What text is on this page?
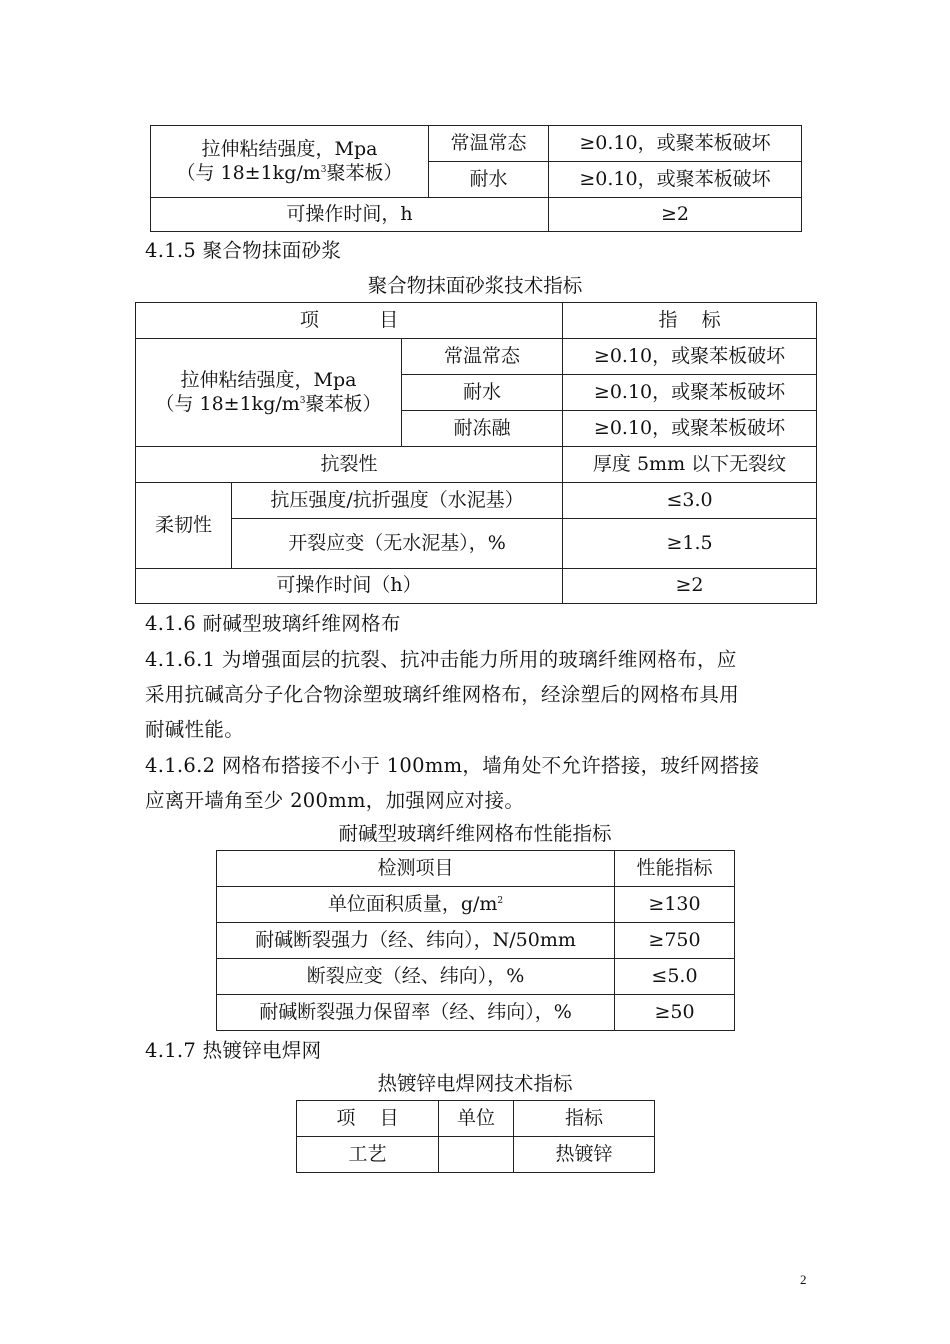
拉伸粘结强度，Mpa
（与 $18\pm 1kg/m^3$聚苯板）	常温常态	≥0.10，或聚苯板破坏
	耐水	≥0.10，或聚苯板破坏
可操作时间，h		≥2
4.1.5 聚合物抹面砂浆
聚合物抹面砂浆技术指标
项          目			指    标

拉伸粘结强度，Mpa
（与 $18\pm 1kg/m^3$聚苯板）		常温常态	≥0.10，或聚苯板破坏
		耐水	≥0.10，或聚苯板破坏
		耐冻融	≥0.10，或聚苯板破坏
抗裂性			厚度 5mm 以下无裂纹
柔韧性	抗压强度/抗折强度（水泥基）		≤3.0
	开裂应变（无水泥基），%		≥1.5
可操作时间（h）			≥2
4.1.6 耐碱型玻璃纤维网格布
4.1.6.1 为增强面层的抗裂、抗冲击能力所用的玻璃纤维网格布，应
采用抗碱高分子化合物涂塑玻璃纤维网格布，经涂塑后的网格布具用
耐碱性能。
4.1.6.2 网格布搭接不小于 100mm，墙角处不允许搭接，玻纤网搭接
应离开墙角至少 200mm，加强网应对接。
耐碱型玻璃纤维网格布性能指标
检测项目	性能指标
单位面积质量，$g/m^2$	≥130
耐碱断裂强力（经、纬向），N/50mm	≥750
断裂应变（经、纬向），%	≤5.0
耐碱断裂强力保留率（经、纬向），%	≥50
4.1.7 热镀锌电焊网
热镀锌电焊网技术指标
项    目	单位	指标
工艺		热镀锌
2
